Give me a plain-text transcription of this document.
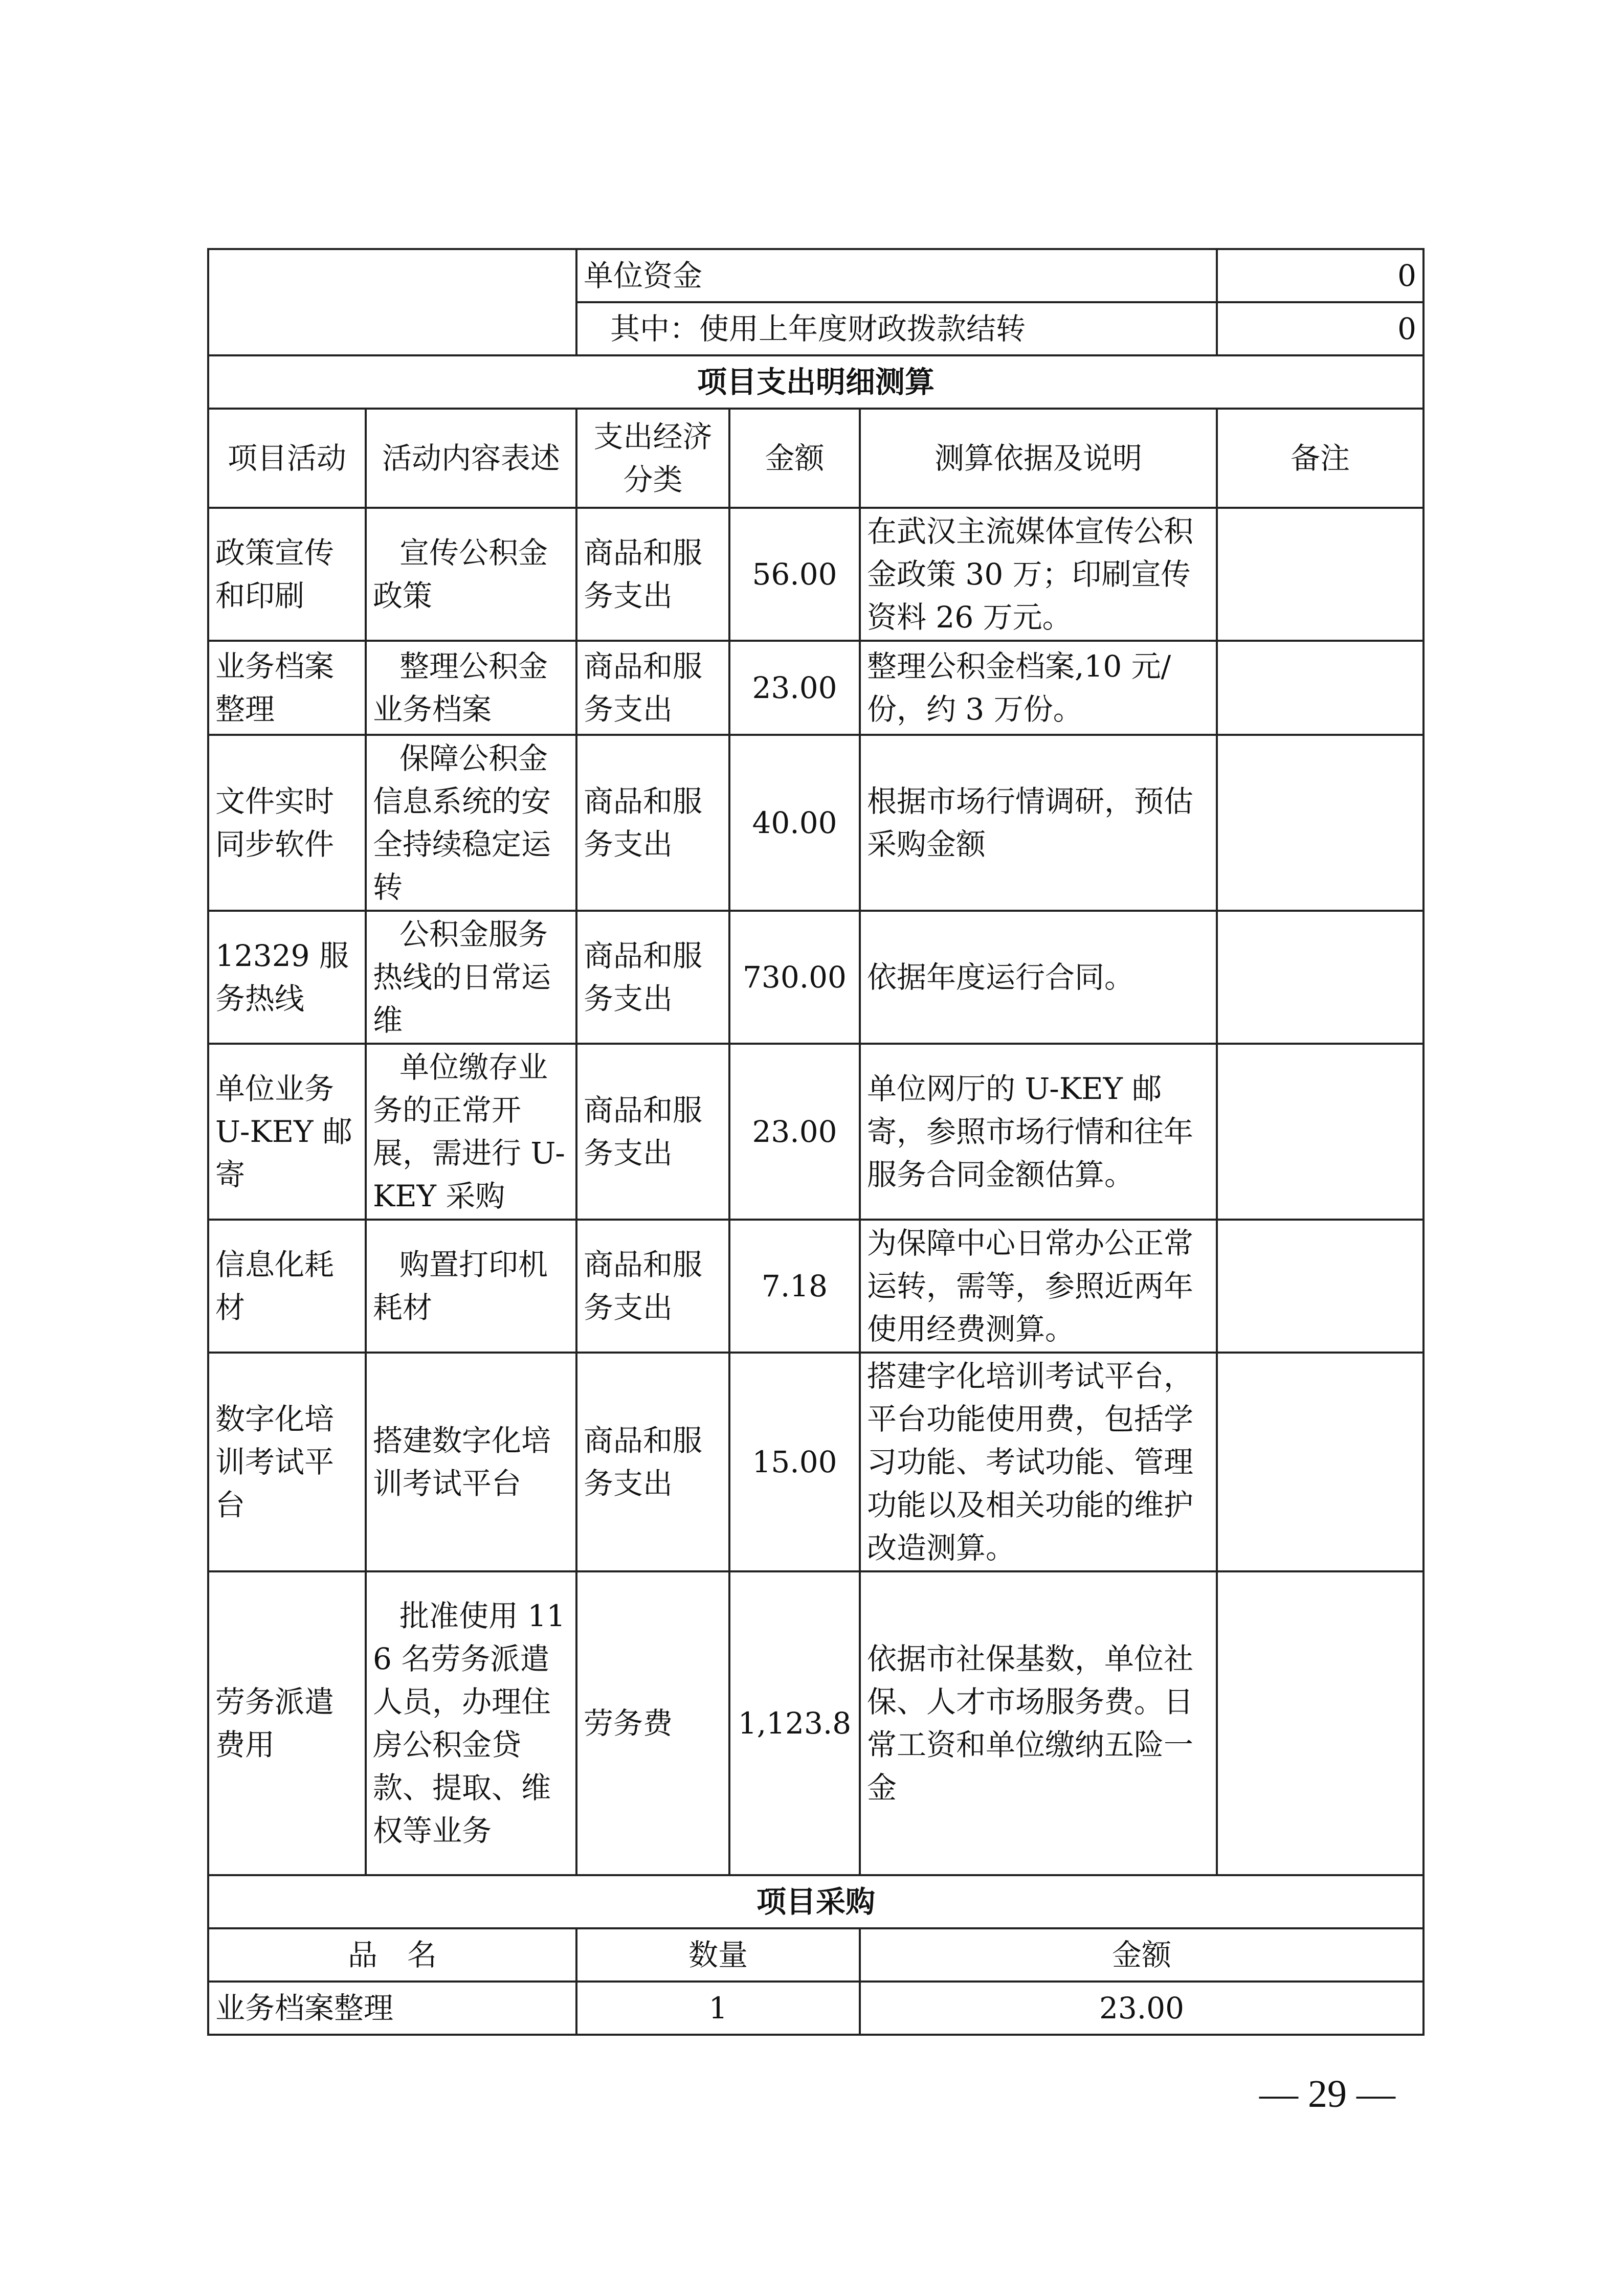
		单位资金			0
		其中：使用上年度财政拨款结转			0
项目支出明细测算					
项目活动	活动内容表述	支出经济分类	金额	测算依据及说明	备注
政策宣传和印刷	宣传公积金政策	商品和服务支出	56.00	在武汉主流媒体宣传公积金政策 30 万；印刷宣传资料 26 万元。	
业务档案整理	整理公积金业务档案	商品和服务支出	23.00	整理公积金档案,10 元/份，约 3 万份。	
文件实时同步软件	保障公积金信息系统的安全持续稳定运转	商品和服务支出	40.00	根据市场行情调研，预估采购金额	
12329 服务热线	公积金服务热线的日常运维	商品和服务支出	730.00	依据年度运行合同。	
单位业务 U-KEY 邮寄	单位缴存业务的正常开展，需进行 U-KEY 采购	商品和服务支出	23.00	单位网厅的 U-KEY 邮寄，参照市场行情和往年服务合同金额估算。	
信息化耗材	购置打印机耗材	商品和服务支出	7.18	为保障中心日常办公正常运转，需等，参照近两年使用经费测算。	
数字化培训考试平台	搭建数字化培训考试平台	商品和服务支出	15.00	搭建字化培训考试平台，平台功能使用费，包括学习功能、考试功能、管理功能以及相关功能的维护改造测算。	
劳务派遣费用	批准使用 116 名劳务派遣人员，办理住房公积金贷款、提取、维权等业务	劳务费	1,123.8	依据市社保基数，单位社保、人才市场服务费。日常工资和单位缴纳五险一金	
项目采购					
品　名		数量		金额	
业务档案整理		1		23.00	
— 29 —
